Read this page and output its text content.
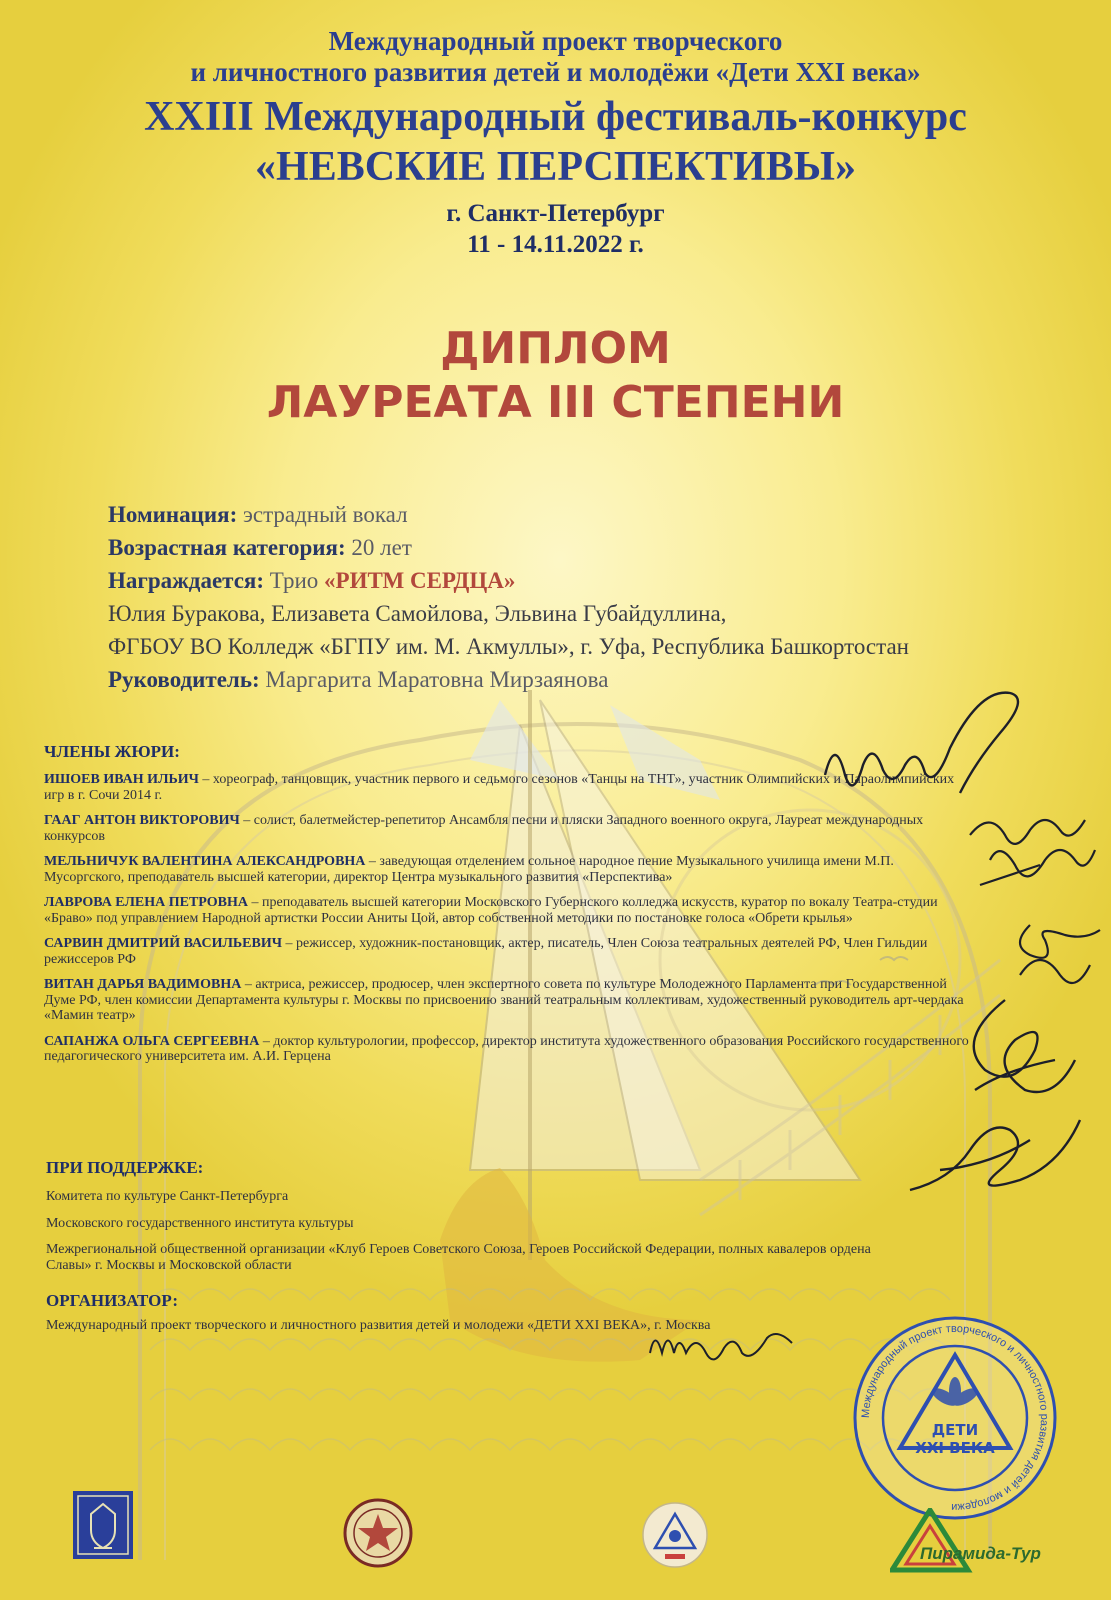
Международный проект творческого
и личностного развития детей и молодёжи «Дети XXI века»
XXIII Международный фестиваль-конкурс
«НЕВСКИЕ ПЕРСПЕКТИВЫ»
г. Санкт-Петербург
11 - 14.11.2022 г.
ДИПЛОМ
ЛАУРЕАТА III СТЕПЕНИ
Номинация: эстрадный вокал
Возрастная категория: 20 лет
Награждается: Трио «РИТМ СЕРДЦА»
Юлия Буракова, Елизавета Самойлова, Эльвина Губайдуллина,
ФГБОУ ВО Колледж «БГПУ им. М. Акмуллы», г. Уфа, Республика Башкортостан
Руководитель: Маргарита Маратовна Мирзаянова
ЧЛЕНЫ ЖЮРИ:
ИШОЕВ ИВАН ИЛЬИЧ – хореограф, танцовщик, участник первого и седьмого сезонов «Танцы на ТНТ», участник Олимпийских и Параолимпийских игр в г. Сочи 2014 г.
ГААГ АНТОН ВИКТОРОВИЧ – солист, балетмейстер-репетитор Ансамбля песни и пляски Западного военного округа, Лауреат международных конкурсов
МЕЛЬНИЧУК ВАЛЕНТИНА АЛЕКСАНДРОВНА – заведующая отделением сольное народное пение Музыкального училища имени М.П. Мусоргского, преподаватель высшей категории, директор Центра музыкального развития «Перспектива»
ЛАВРОВА ЕЛЕНА ПЕТРОВНА – преподаватель высшей категории Московского Губернского колледжа искусств, куратор по вокалу Театра-студии «Браво» под управлением Народной артистки России Аниты Цой, автор собственной методики по постановке голоса «Обрети крылья»
САРВИН ДМИТРИЙ ВАСИЛЬЕВИЧ – режиссер, художник-постановщик, актер, писатель, Член Союза театральных деятелей РФ, Член Гильдии режиссеров РФ
ВИТАН ДАРЬЯ ВАДИМОВНА – актриса, режиссер, продюсер, член экспертного совета по культуре Молодежного Парламента при Государственной Думе РФ, член комиссии Департамента культуры г. Москвы по присвоению званий театральным коллективам, художественный руководитель арт-чердака «Мамин театр»
САПАНЖА ОЛЬГА СЕРГЕЕВНА – доктор культурологии, профессор, директор института художественного образования Российского государственного педагогического университета им. А.И. Герцена
ПРИ ПОДДЕРЖКЕ:
Комитета по культуре Санкт-Петербурга
Московского государственного института культуры
Межрегиональной общественной организации «Клуб Героев Советского Союза, Героев Российской Федерации, полных кавалеров ордена Славы» г. Москвы и Московской области
ОРГАНИЗАТОР:
Международный проект творческого и личностного развития детей и молодежи «ДЕТИ XXI ВЕКА», г. Москва
Международный проект творческого и личностного развития детей и молодежи
ДЕТИ
XXI ВЕКА
Пирамида-Тур
